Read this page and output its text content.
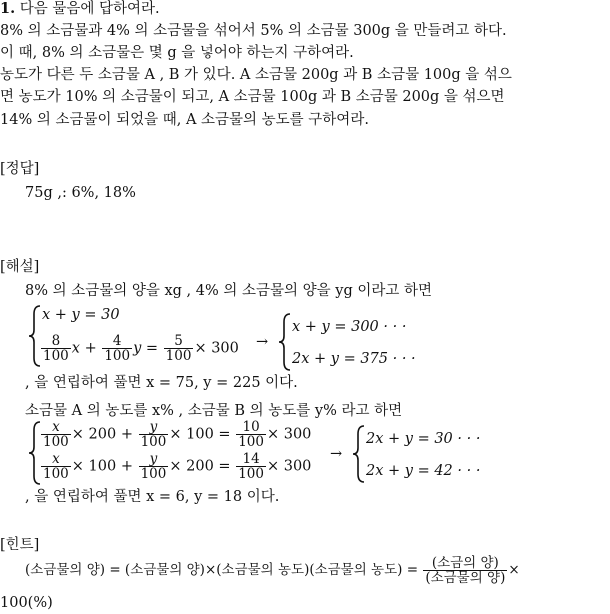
1. 다음 물음에 답하여라.
8% 의 소금물과 4% 의 소금물을 섞어서 5% 의 소금물 300g 을 만들려고 하다.
이 때, 8% 의 소금물은 몇 g 을 넣어야 하는지 구하여라.
농도가 다른 두 소금물 A , B 가 있다. A 소금물 200g 과 B 소금물 100g 을 섞으
면 농도가 10% 의 소금물이 되고, A 소금물 100g 과 B 소금물 200g 을 섞으면
14% 의 소금물이 되었을 때, A 소금물의 농도를 구하여라.
[정답]
75g ,: 6%, 18%
[해설]
8% 의 소금물의 양을 xg , 4% 의 소금물의 양을 yg 이라고 하면
x + y = 30
$\frac{8}{100}$ $x + \frac{4}{100}$ $y = \frac{5}{100} \times 300$ →
x + y = 300 · · ·
2x + y = 375 · · ·
, 을 연립하여 풀면 x = 75, y = 225 이다.
소금물 A 의 농도를 x% , 소금물 B 의 농도를 y% 라고 하면
$\frac{x}{100} \times 200 + \frac{y}{100} \times 100 = \frac{10}{100} \times 300$
$\frac{x}{100} \times 100 + \frac{y}{100} \times 200 = \frac{14}{100} \times 300$
→
2x + y = 30 · · ·
2x + y = 42 · · ·
, 을 연립하여 풀면 x = 6, y = 18 이다.
[힌트]
(소금물의 양) = (소금물의 양)×(소금물의 농도)(소금물의 농도) = $\frac{\text{(소금의 양)}}{\text{(소금물의 양)}}$ ×
100(%)
